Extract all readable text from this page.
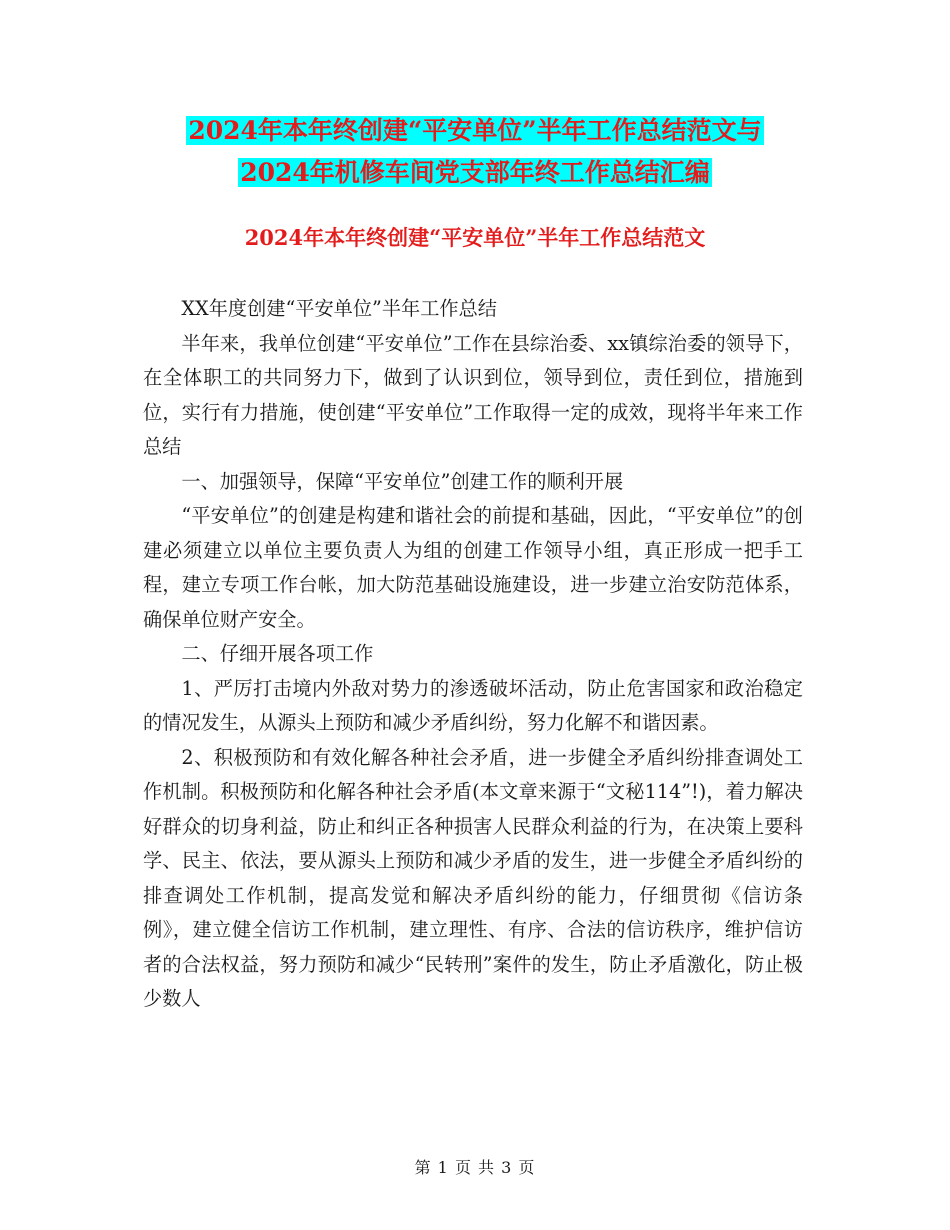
2024年本年终创建“平安单位”半年工作总结范文与
2024年机修车间党支部年终工作总结汇编
2024年本年终创建“平安单位”半年工作总结范文

XX年度创建“平安单位”半年工作总结

半年来，我单位创建“平安单位”工作在县综治委、xx镇综治委的领导下，在全体职工的共同努力下，做到了认识到位，领导到位，责任到位，措施到位，实行有力措施，使创建“平安单位”工作取得一定的成效，现将半年来工作总结

一、加强领导，保障“平安单位”创建工作的顺利开展

“平安单位”的创建是构建和谐社会的前提和基础，因此，“平安单位”的创建必须建立以单位主要负责人为组的创建工作领导小组，真正形成一把手工程，建立专项工作台帐，加大防范基础设施建设，进一步建立治安防范体系，确保单位财产安全。

二、仔细开展各项工作

1、严厉打击境内外敌对势力的渗透破坏活动，防止危害国家和政治稳定的情况发生，从源头上预防和减少矛盾纠纷，努力化解不和谐因素。

2、积极预防和有效化解各种社会矛盾，进一步健全矛盾纠纷排查调处工作机制。积极预防和化解各种社会矛盾(本文章来源于“文秘114”!)，着力解决好群众的切身利益，防止和纠正各种损害人民群众利益的行为，在决策上要科学、民主、依法，要从源头上预防和减少矛盾的发生，进一步健全矛盾纠纷的排查调处工作机制，提高发觉和解决矛盾纠纷的能力，仔细贯彻《信访条例》，建立健全信访工作机制，建立理性、有序、合法的信访秩序，维护信访者的合法权益，努力预防和减少“民转刑”案件的发生，防止矛盾激化，防止极少数人

第 1 页 共 3 页
